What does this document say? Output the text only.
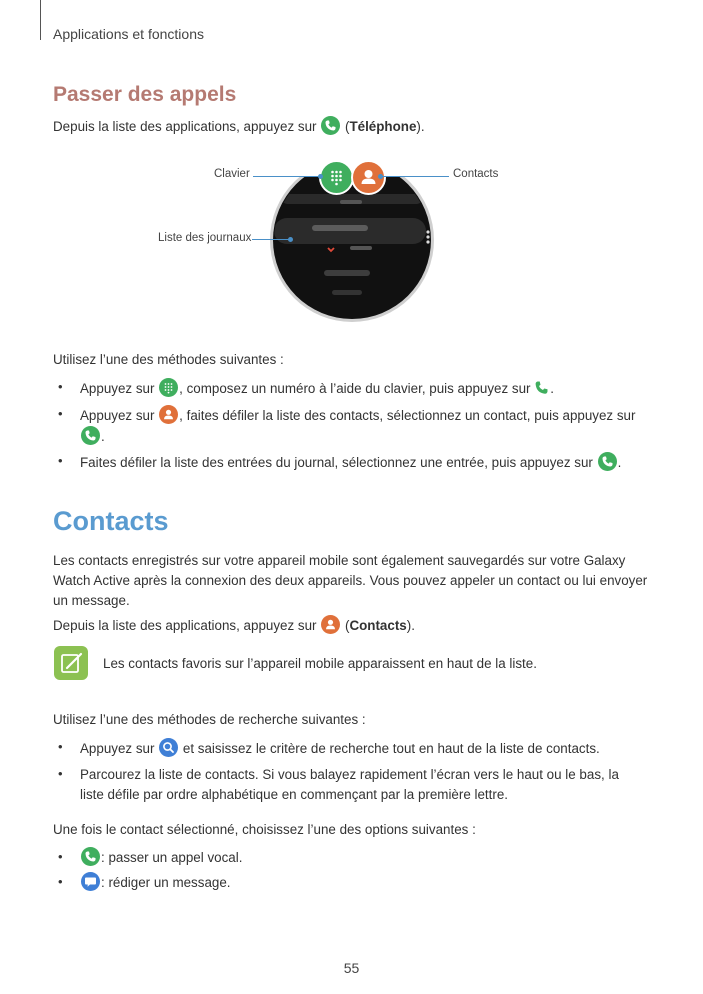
Applications et fonctions
Passer des appels
Depuis la liste des applications, appuyez sur (Téléphone).
Clavier	Contacts
Liste des journaux
Utilisez l’une des méthodes suivantes :
• Appuyez sur , composez un numéro à l’aide du clavier, puis appuyez sur .
• Appuyez sur , faites défiler la liste des contacts, sélectionnez un contact, puis appuyez sur

.
• Faites défiler la liste des entrées du journal, sélectionnez une entrée, puis appuyez sur .
Contacts
Les contacts enregistrés sur votre appareil mobile sont également sauvegardés sur votre Galaxy Watch Active après la connexion des deux appareils. Vous pouvez appeler un contact ou lui envoyer un message.
Depuis la liste des applications, appuyez sur (Contacts).
Les contacts favoris sur l’appareil mobile apparaissent en haut de la liste.
Utilisez l’une des méthodes de recherche suivantes :
• Appuyez sur et saisissez le critère de recherche tout en haut de la liste de contacts.
• Parcourez la liste de contacts. Si vous balayez rapidement l’écran vers le haut ou le bas, la liste défile par ordre alphabétique en commençant par la première lettre.
Une fois le contact sélectionné, choisissez l’une des options suivantes :
•	: passer un appel vocal.
•	: rédiger un message.
55
